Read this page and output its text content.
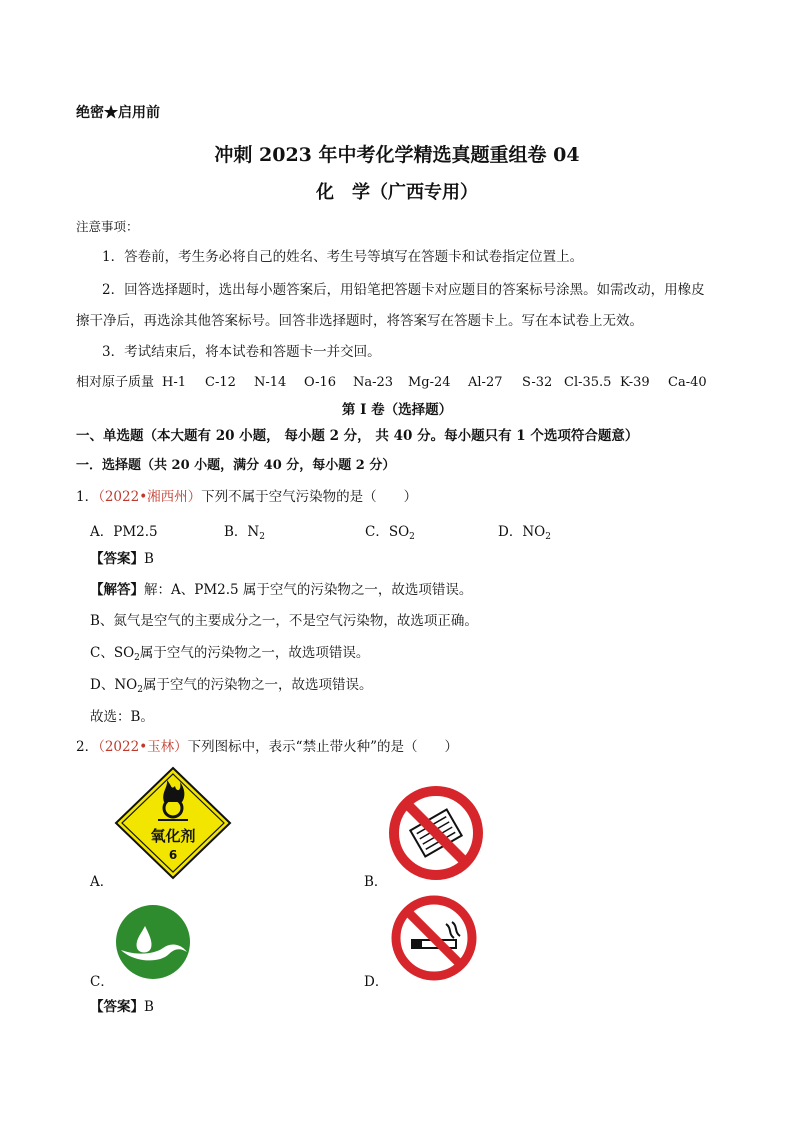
绝密★启用前
冲刺 2023 年中考化学精选真题重组卷 04
化　学（广西专用）
注意事项：
1．答卷前，考生务必将自己的姓名、考生号等填写在答题卡和试卷指定位置上。
2．回答选择题时，选出每小题答案后，用铅笔把答题卡对应题目的答案标号涂黑。如需改动，用橡皮
擦干净后，再选涂其他答案标号。回答非选择题时，将答案写在答题卡上。写在本试卷上无效。
3．考试结束后，将本试卷和答题卡一并交回。
相对原子质量 H-1 C-12 N-14 O-16 Na-23 Mg-24 Al-27 S-32 Cl-35.5 K-39 Ca-40
第 I 卷（选择题）
一、单选题（本大题有 20 小题， 每小题 2 分， 共 40 分。每小题只有 1 个选项符合题意）
一．选择题（共 20 小题，满分 40 分，每小题 2 分）
1．（2022•湘西州）下列不属于空气污染物的是（　　）
A．PM2.5	B．$N_2$	C．$SO_2$	D．$NO_2$
【答案】B
【解答】解：A、PM2.5 属于空气的污染物之一，故选项错误。
B、氮气是空气的主要成分之一，不是空气污染物，故选项正确。
C、$SO_2$属于空气的污染物之一，故选项错误。
D、$NO_2$属于空气的污染物之一，故选项错误。
故选：B。
2．（2022•玉林）下列图标中，表示“禁止带火种”的是（　　）
氧化剂
6
A．	B．
C．	D．
【答案】B
